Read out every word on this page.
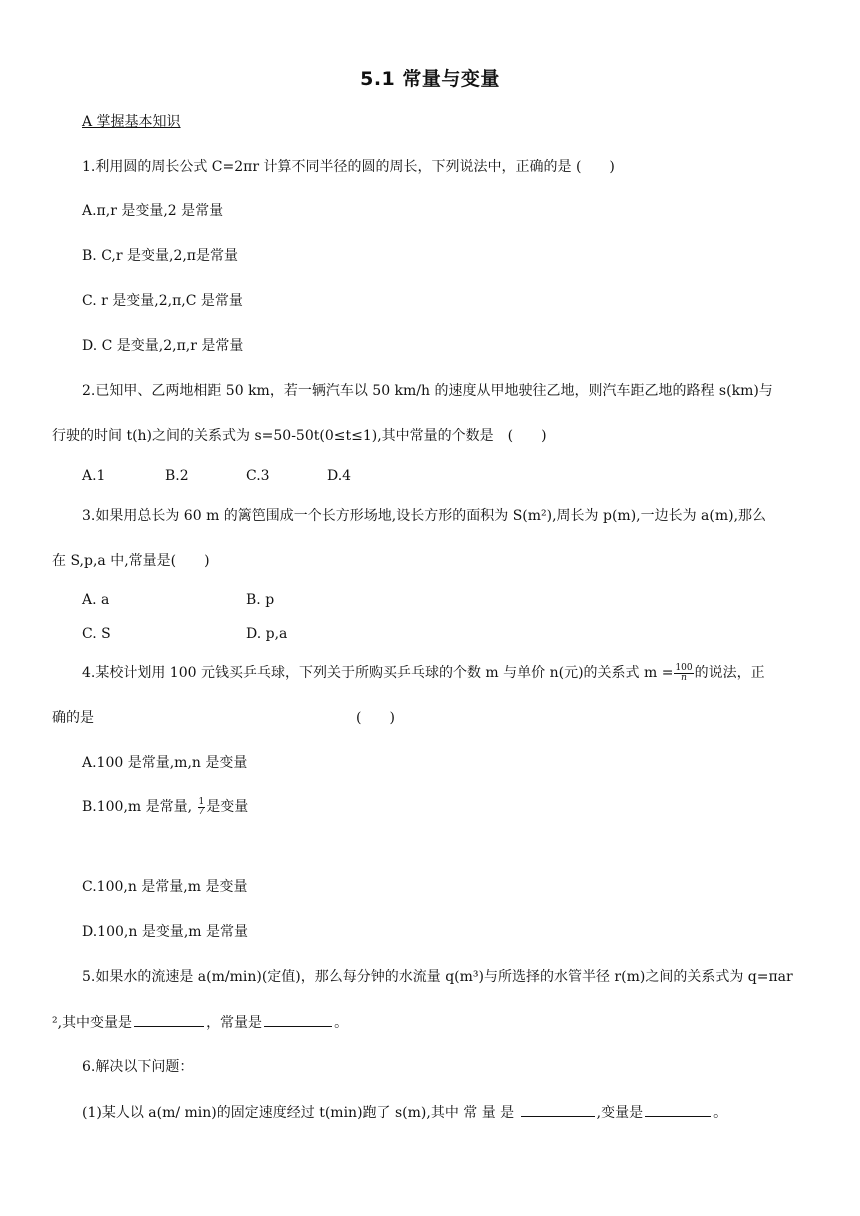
5.1 常量与变量
A 掌握基本知识
1.利用圆的周长公式 C=2πr 计算不同半径的圆的周长，下列说法中，正确的是 (　　)
A.π,r 是变量,2 是常量
B. C,r 是变量,2,π是常量
C. r 是变量,2,π,C 是常量
D. C 是变量,2,π,r 是常量
2.已知甲、乙两地相距 50 km，若一辆汽车以 50 km/h 的速度从甲地驶往乙地，则汽车距乙地的路程 s(km)与
行驶的时间 t(h)之间的关系式为 s=50-50t(0≤t≤1),其中常量的个数是　(　　)
A.1	B.2	C.3	D.4
3.如果用总长为 60 m 的篱笆围成一个长方形场地,设长方形的面积为 S(m²),周长为 p(m),一边长为 a(m),那么
在 S,p,a 中,常量是(　　)
A. a	B. p
C. S	D. p,a
4.某校计划用 100 元钱买乒乓球，下列关于所购买乒乓球的个数 m 与单价 n(元)的关系式 $m = \frac{100}{n}$ 的说法，正
确的是	(　　)
A.100 是常量,m,n 是变量
B.100,m 是常量, $\frac{1}{7}$ 是变量
C.100,n 是常量,m 是变量
D.100,n 是变量,m 是常量
5.如果水的流速是 a(m/min)(定值)，那么每分钟的水流量 q(m³)与所选择的水管半径 r(m)之间的关系式为 q=πar
²,其中变量是	，常量是	。
6.解决以下问题：
(1)某人以 a(m/ min)的固定速度经过 t(min)跑了 s(m),其中 常 量 是	,变量是	。
